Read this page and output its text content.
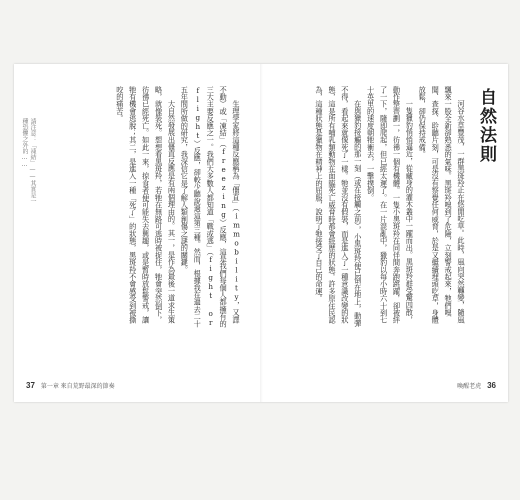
請注意：「凍結」——其實是一種恐懼之外的……	生理學家將這種反應稱為「僵直」（immobility，又譯不動）或「凍結」（freezing）反應，這是我們每個人都擁有的三大主要反應之一。我們大多數人都知道「戰或逃」（fight or flight）反應，卻較少聽說過這第三種。然而，根據我在過去二十五年間所做的研究，我深信它是了解人類創傷之謎的關鍵。

大自然發展出僵直反應是有兩個理由的。其一，是作為最後一道求生策略，就像裝死。想想看黑斑羚，若牠在無路可逃時被捉住，牠會突然倒下，彷彿已經死亡。如此一來，掠食者便可能失去興趣，或是暫時放鬆警戒，讓牠有機會逃脫；其二，是進入一種「死了」的狀態，黑斑羚不會感受到被撕咬的痛苦。

37 第一章 來自荒野最深的節奏
自然法則

河谷水草豐茂，一群黑斑羚正在悠閒吃草。此時，風向突然轉變，隨風飄來一股全新卻熟悉的氣味。黑斑羚嗅到了危險，立刻警戒起來，牠們嗅聞、查探、聆聽片刻，可是沒有察覺任何威脅，於是又繼續埋頭吃草，身體放鬆，卻仍保持戒備。

一隻獵豹悄悄逼近，從藏身的灌木叢中一躍而出。黑斑羚群受驚四散，動作整齊劃一，彷彿一個有機體。一隻小黑斑羚在同伴間奔跑跳躍，卻被絆了一下，隨即爬起，但已經太遲了。在一片混亂中，獵豹以每小時六十到七十英里的速度朝牠衝去，一擊撲倒。

在與獵豹接觸的那一刻（或在接觸之前），小黑斑羚便已倒在地上，動彈不得，看起來就像死了一樣。牠並沒有假裝，而是進入了一種意識改變的狀態，這是所有哺乳類動物在面臨死亡威脅時都會經歷的狀態。許多原住民認為，這種狀態是獵物在精神上的屈服，說明了牠接受了自己的命運。

喚醒老虎 36
